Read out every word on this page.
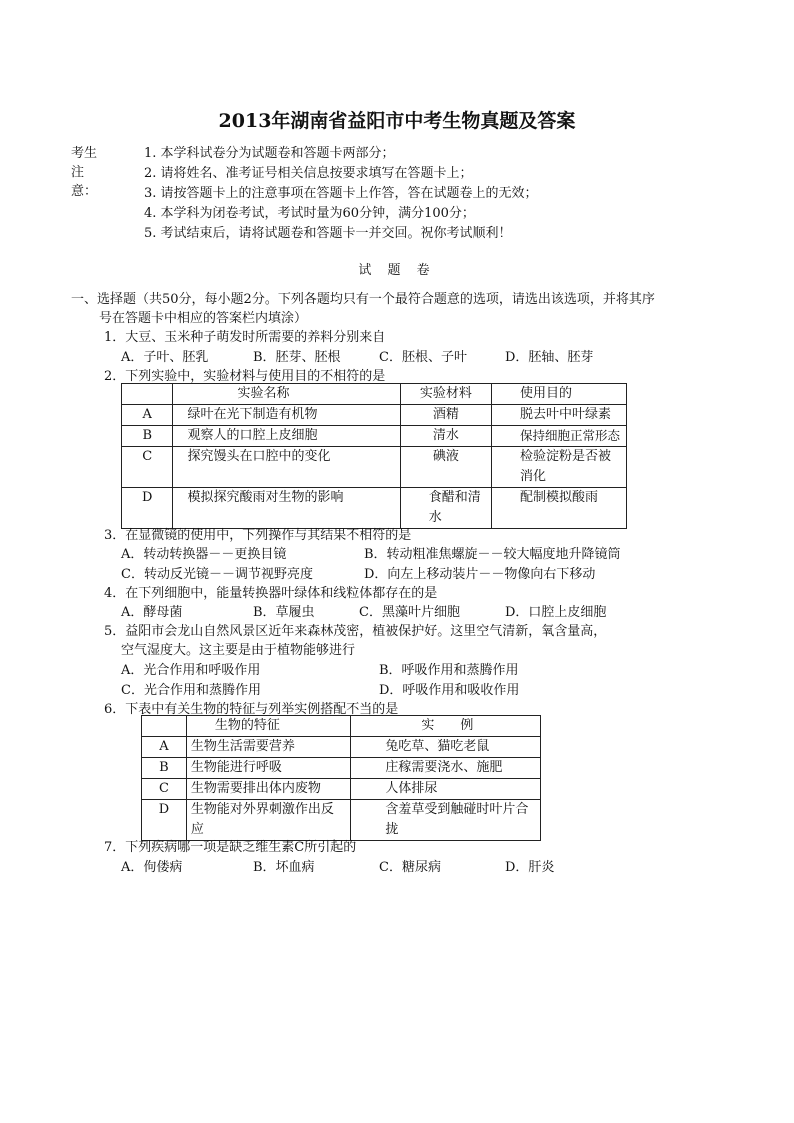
2013年湖南省益阳市中考生物真题及答案
考生注意：
1. 本学科试卷分为试题卷和答题卡两部分；
2. 请将姓名、准考证号相关信息按要求填写在答题卡上；
3. 请按答题卡上的注意事项在答题卡上作答，答在试题卷上的无效；
4. 本学科为闭卷考试，考试时量为60分钟，满分100分；
5. 考试结束后，请将试题卷和答题卡一并交回。祝你考试顺利！
试 题 卷
一、选择题（共50分，每小题2分。下列各题均只有一个最符合题意的选项，请选出该选项，并将其序
号在答题卡中相应的答案栏内填涂）
1．大豆、玉米种子萌发时所需要的养料分别来自
A．子叶、胚乳	B．胚芽、胚根	C．胚根、子叶	D．胚轴、胚芽
2．下列实验中，实验材料与使用目的不相符的是
	实验名称	实验材料	使用目的
A	绿叶在光下制造有机物	酒精	脱去叶中叶绿素
B	观察人的口腔上皮细胞	清水	保持细胞正常形态
C	探究馒头在口腔中的变化	碘液	检验淀粉是否被消化
D	模拟探究酸雨对生物的影响	食醋和清水	配制模拟酸雨
3．在显微镜的使用中，下列操作与其结果不相符的是
A．转动转换器－－更换目镜	B．转动粗准焦螺旋－－较大幅度地升降镜筒
C．转动反光镜－－调节视野亮度	D．向左上移动装片－－物像向右下移动
4．在下列细胞中，能量转换器叶绿体和线粒体都存在的是
A．酵母菌	B．草履虫	C．黑藻叶片细胞	D．口腔上皮细胞
5．益阳市会龙山自然风景区近年来森林茂密，植被保护好。这里空气清新，氧含量高，
空气湿度大。这主要是由于植物能够进行
A．光合作用和呼吸作用	B．呼吸作用和蒸腾作用
C．光合作用和蒸腾作用	D．呼吸作用和吸收作用
6．下表中有关生物的特征与列举实例搭配不当的是
	生物的特征	实　　例
A	生物生活需要营养	兔吃草、猫吃老鼠
B	生物能进行呼吸	庄稼需要浇水、施肥
C	生物需要排出体内废物	人体排尿
D	生物能对外界刺激作出反应	含羞草受到触碰时叶片合拢
7．下列疾病哪一项是缺乏维生素C所引起的
A．佝偻病	B．坏血病	C．糖尿病	D．肝炎
